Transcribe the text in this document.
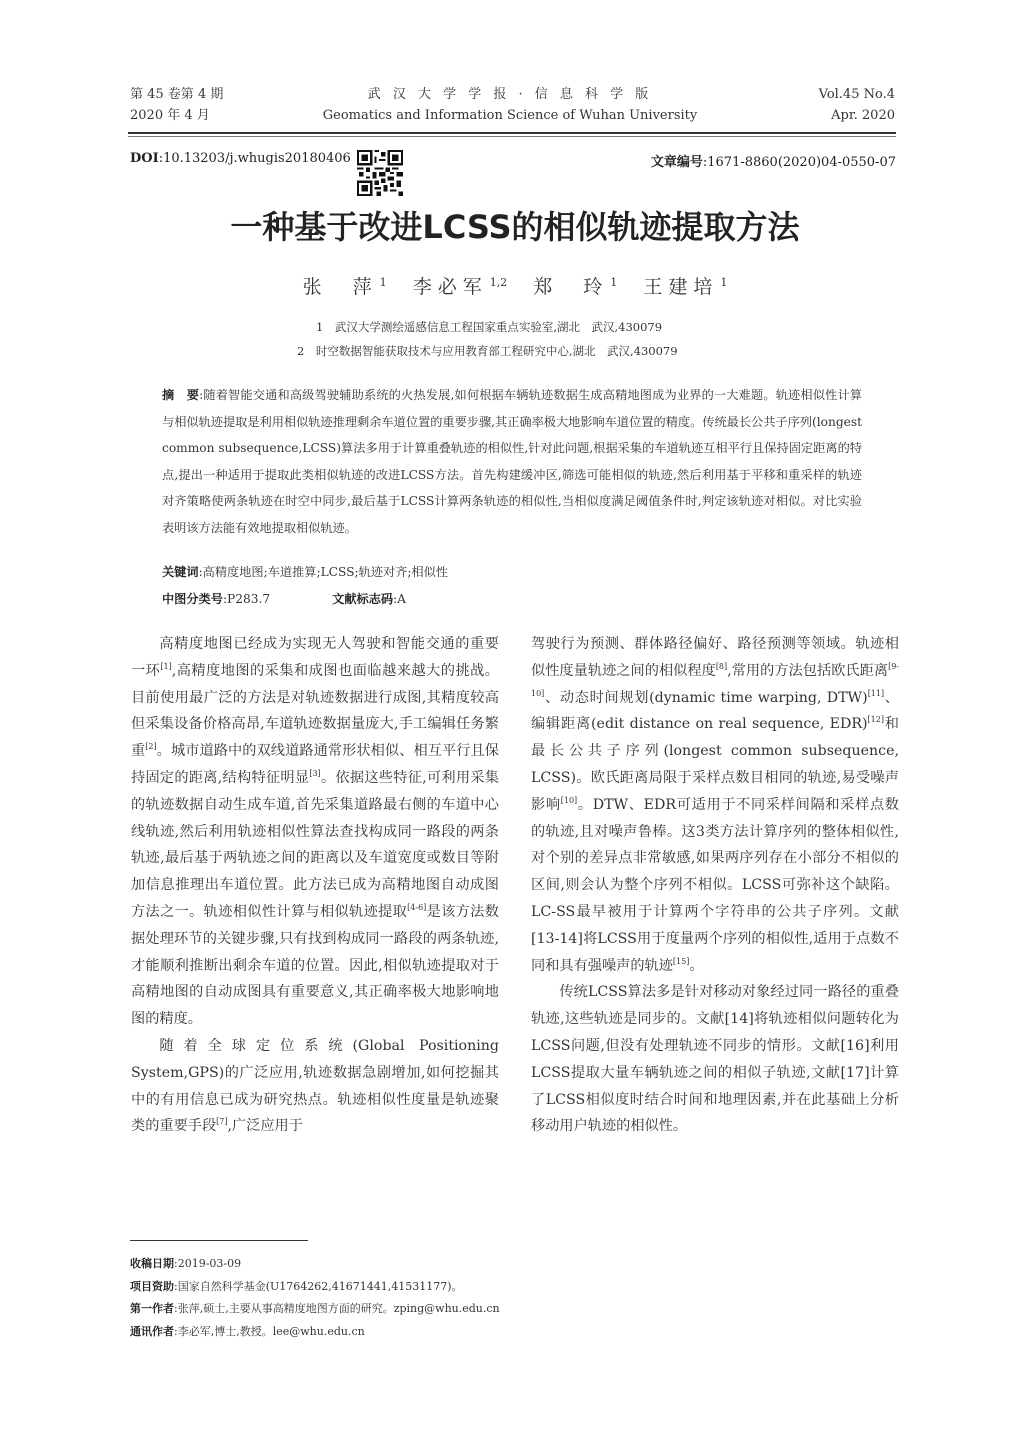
第 45 卷第 4 期
2020 年 4 月
武 汉 大 学 学 报 · 信 息 科 学 版
Geomatics and Information Science of Wuhan University
Vol.45 No.4
Apr. 2020
DOI:10.13203/j.whugis20180406	文章编号:1671-8860(2020)04-0550-07
一种基于改进LCSS的相似轨迹提取方法
张　萍 $^1$ 李必军 $^{1,2}$ 郑　玲 $^1$ 王建培 $^1$
1　武汉大学测绘遥感信息工程国家重点实验室,湖北　武汉,430079
2　时空数据智能获取技术与应用教育部工程研究中心,湖北　武汉,430079
摘　要:随着智能交通和高级驾驶辅助系统的火热发展,如何根据车辆轨迹数据生成高精地图成为业界的一大难题。轨迹相似性计算与相似轨迹提取是利用相似轨迹推理剩余车道位置的重要步骤,其正确率极大地影响车道位置的精度。传统最长公共子序列(longest common subsequence,LCSS)算法多用于计算重叠轨迹的相似性,针对此问题,根据采集的车道轨迹互相平行且保持固定距离的特点,提出一种适用于提取此类相似轨迹的改进LCSS方法。首先构建缓冲区,筛选可能相似的轨迹,然后利用基于平移和重采样的轨迹对齐策略使两条轨迹在时空中同步,最后基于LCSS计算两条轨迹的相似性,当相似度满足阈值条件时,判定该轨迹对相似。对比实验表明该方法能有效地提取相似轨迹。
关键词:高精度地图;车道推算;LCSS;轨迹对齐;相似性
中图分类号:P283.7	文献标志码:A

高精度地图已经成为实现无人驾驶和智能交通的重要一环[1],高精度地图的采集和成图也面临越来越大的挑战。目前使用最广泛的方法是对轨迹数据进行成图,其精度较高但采集设备价格高昂,车道轨迹数据量庞大,手工编辑任务繁重[2]。城市道路中的双线道路通常形状相似、相互平行且保持固定的距离,结构特征明显[3]。依据这些特征,可利用采集的轨迹数据自动生成车道,首先采集道路最右侧的车道中心线轨迹,然后利用轨迹相似性算法查找构成同一路段的两条轨迹,最后基于两轨迹之间的距离以及车道宽度或数目等附加信息推理出车道位置。此方法已成为高精地图自动成图方法之一。轨迹相似性计算与相似轨迹提取[4-6]是该方法数据处理环节的关键步骤,只有找到构成同一路段的两条轨迹,才能顺利推断出剩余车道的位置。因此,相似轨迹提取对于高精地图的自动成图具有重要意义,其正确率极大地影响地图的精度。

随着全球定位系统(Global Positioning System,GPS)的广泛应用,轨迹数据急剧增加,如何挖掘其中的有用信息已成为研究热点。轨迹相似性度量是轨迹聚类的重要手段[7],广泛应用于

驾驶行为预测、群体路径偏好、路径预测等领域。轨迹相似性度量轨迹之间的相似程度[8],常用的方法包括欧氏距离[9-10]、动态时间规划(dynamic time warping, DTW)[11]、编辑距离(edit distance on real sequence, EDR)[12]和最长公共子序列(longest common subsequence, LCSS)。欧氏距离局限于采样点数目相同的轨迹,易受噪声影响[10]。DTW、EDR可适用于不同采样间隔和采样点数的轨迹,且对噪声鲁棒。这3类方法计算序列的整体相似性,对个别的差异点非常敏感,如果两序列存在小部分不相似的区间,则会认为整个序列不相似。LCSS可弥补这个缺陷。LC-SS最早被用于计算两个字符串的公共子序列。文献[13-14]将LCSS用于度量两个序列的相似性,适用于点数不同和具有强噪声的轨迹[15]。

传统LCSS算法多是针对移动对象经过同一路径的重叠轨迹,这些轨迹是同步的。文献[14]将轨迹相似问题转化为LCSS问题,但没有处理轨迹不同步的情形。文献[16]利用LCSS提取大量车辆轨迹之间的相似子轨迹,文献[17]计算了LCSS相似度时结合时间和地理因素,并在此基础上分析移动用户轨迹的相似性。

收稿日期:2019-03-09
项目资助:国家自然科学基金(U1764262,41671441,41531177)。
第一作者:张萍,硕士,主要从事高精度地图方面的研究。zping@whu.edu.cn
通讯作者:李必军,博士,教授。lee@whu.edu.cn
